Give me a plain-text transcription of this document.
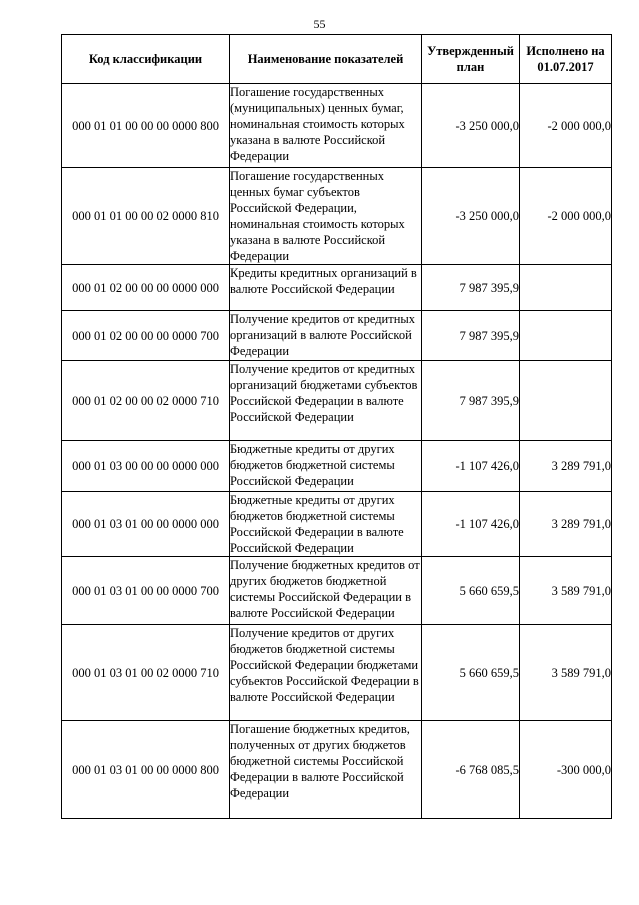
55
Код классификации	Наименование показателей	Утвержденный план	Исполнено на 01.07.2017
000 01 01 00 00 00 0000 800	Погашение государственных (муниципальных) ценных бумаг, номинальная стоимость которых указана в валюте Российской Федерации	-3 250 000,0	-2 000 000,0
000 01 01 00 00 02 0000 810	Погашение государственных ценных бумаг субъектов Российской Федерации, номинальная стоимость которых указана в валюте Российской Федерации	-3 250 000,0	-2 000 000,0
000 01 02 00 00 00 0000 000	Кредиты кредитных организаций в валюте Российской Федерации	7 987 395,9	
000 01 02 00 00 00 0000 700	Получение кредитов от кредитных организаций в валюте Российской Федерации	7 987 395,9	
000 01 02 00 00 02 0000 710	Получение кредитов от кредитных организаций бюджетами субъектов Российской Федерации в валюте Российской Федерации	7 987 395,9	
000 01 03 00 00 00 0000 000	Бюджетные кредиты от других бюджетов бюджетной системы Российской Федерации	-1 107 426,0	3 289 791,0
000 01 03 01 00 00 0000 000	Бюджетные кредиты от других бюджетов бюджетной системы Российской Федерации в валюте Российской Федерации	-1 107 426,0	3 289 791,0
000 01 03 01 00 00 0000 700	Получение бюджетных кредитов от других бюджетов бюджетной системы Российской Федерации в валюте Российской Федерации	5 660 659,5	3 589 791,0
000 01 03 01 00 02 0000 710	Получение кредитов от других бюджетов бюджетной системы Российской Федерации бюджетами субъектов Российской Федерации в валюте Российской Федерации	5 660 659,5	3 589 791,0
000 01 03 01 00 00 0000 800	Погашение бюджетных кредитов, полученных от других бюджетов бюджетной системы Российской Федерации в валюте Российской Федерации	-6 768 085,5	-300 000,0
